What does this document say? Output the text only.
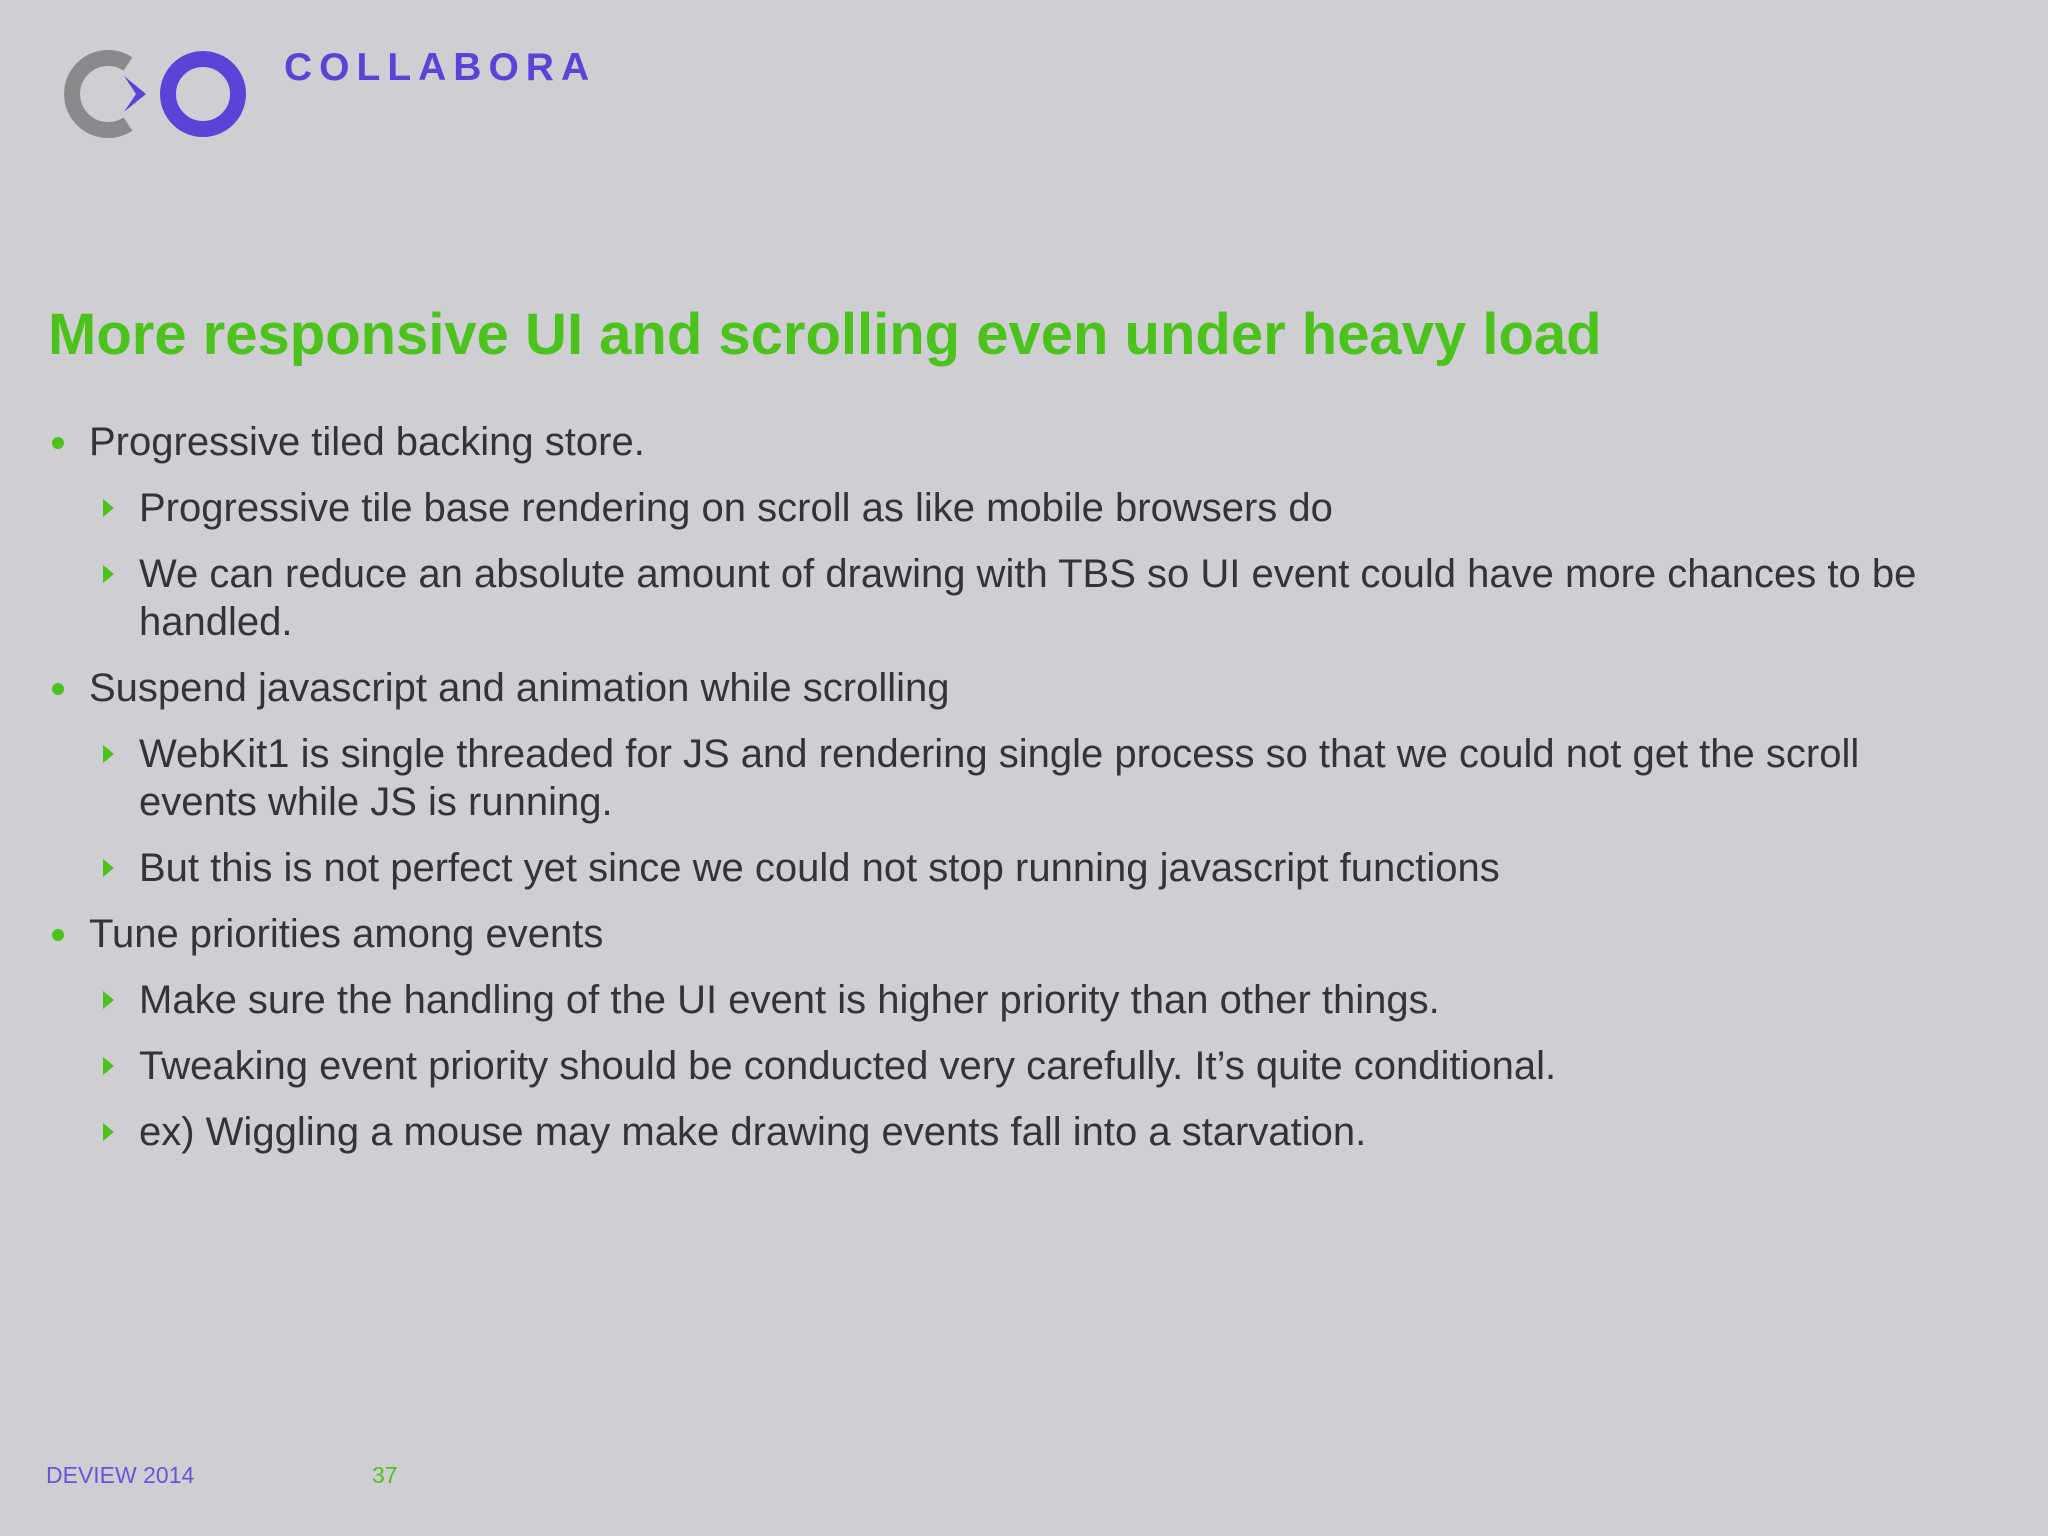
COLLABORA
More responsive UI and scrolling even under heavy load
Progressive tiled backing store.
Progressive tile base rendering on scroll as like mobile browsers do
We can reduce an absolute amount of drawing with TBS so UI event could have more chances to be handled.
Suspend javascript and animation while scrolling
WebKit1 is single threaded for JS and rendering single process so that we could not get the scroll events while JS is running.
But this is not perfect yet since we could not stop running javascript functions
Tune priorities among events
Make sure the handling of the UI event is higher priority than other things.
Tweaking event priority should be conducted very carefully. It’s quite conditional.
ex) Wiggling a mouse may make drawing events fall into a starvation.
DEVIEW 2014	37
